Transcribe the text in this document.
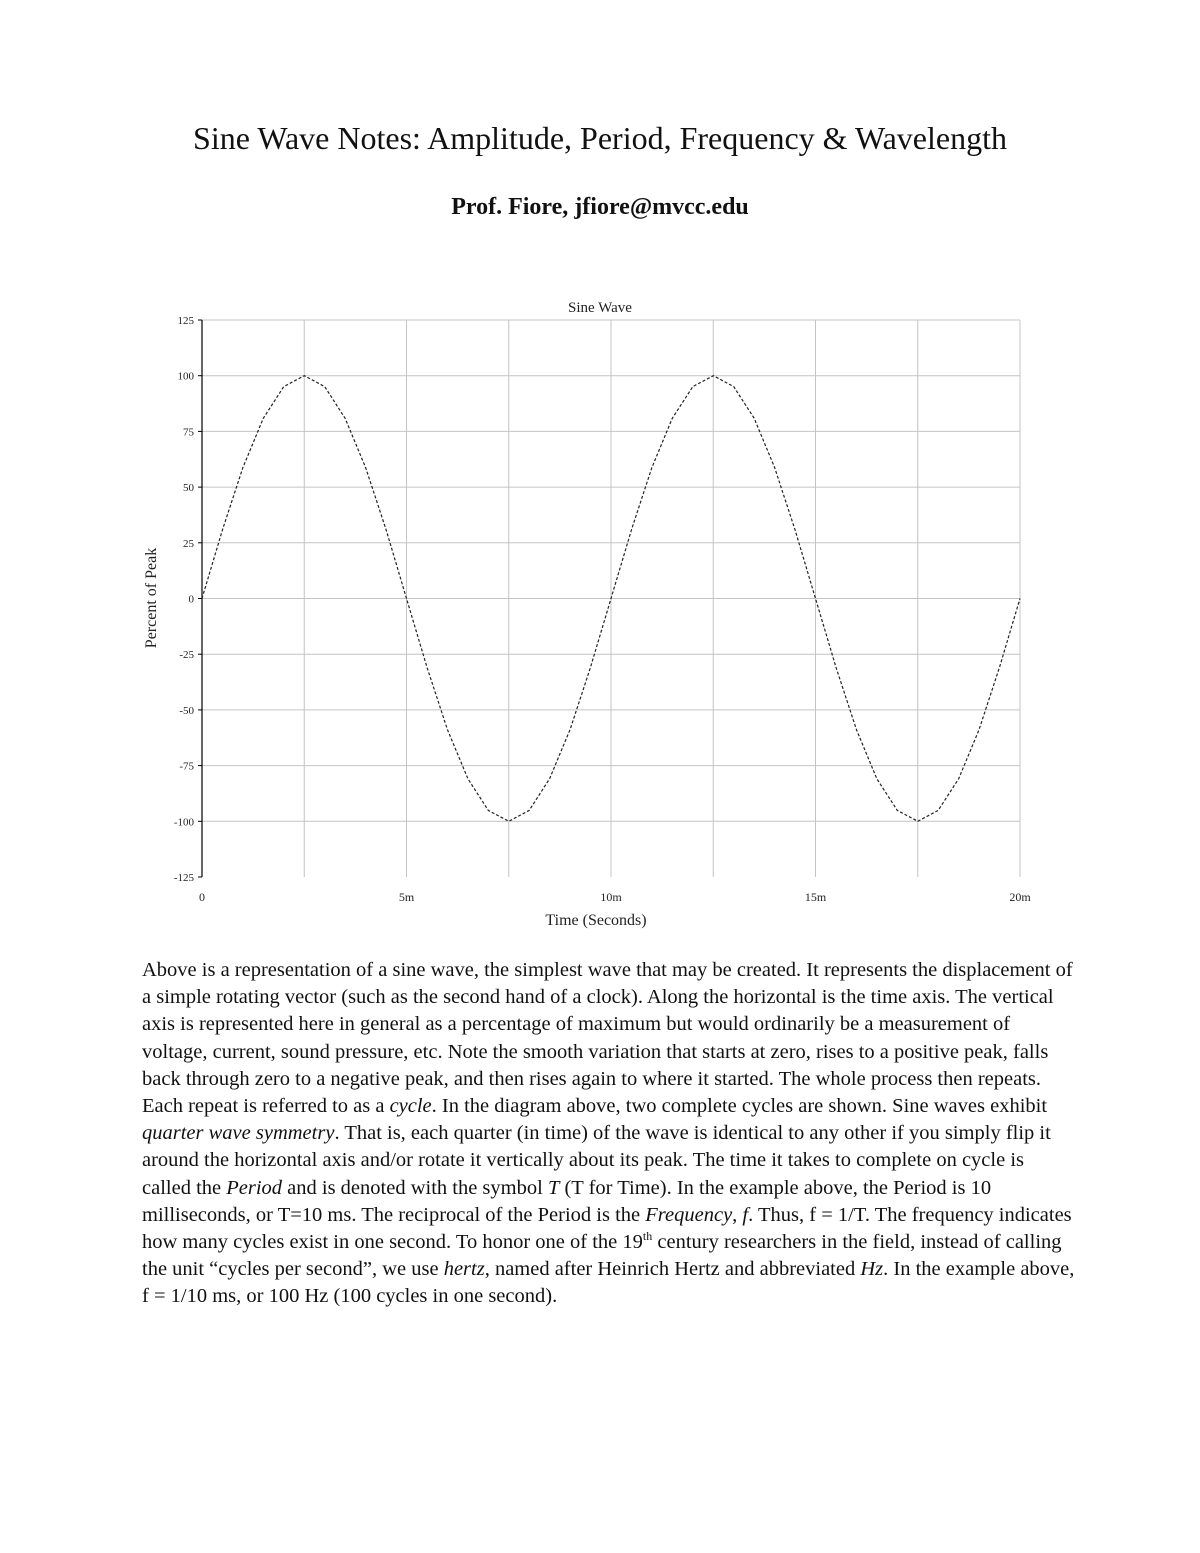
Sine Wave Notes: Amplitude, Period, Frequency & Wavelength
Prof. Fiore, jfiore@mvcc.edu
Sine Wave
125
100
75
50
25
0
-25
-50
-75
-100
-125
0	5m	10m	15m	20m
Time (Seconds)
Percent of Peak

Above is a representation of a sine wave, the simplest wave that may be created. It represents the displacement of a simple rotating vector (such as the second hand of a clock). Along the horizontal is the time axis. The vertical axis is represented here in general as a percentage of maximum but would ordinarily be a measurement of voltage, current, sound pressure, etc. Note the smooth variation that starts at zero, rises to a positive peak, falls back through zero to a negative peak, and then rises again to where it started. The whole process then repeats. Each repeat is referred to as a cycle. In the diagram above, two complete cycles are shown. Sine waves exhibit quarter wave symmetry. That is, each quarter (in time) of the wave is identical to any other if you simply flip it around the horizontal axis and/or rotate it vertically about its peak. The time it takes to complete on cycle is called the Period and is denoted with the symbol T (T for Time). In the example above, the Period is 10 milliseconds, or T=10 ms. The reciprocal of the Period is the Frequency, f. Thus, f = 1/T. The frequency indicates how many cycles exist in one second. To honor one of the 19th century researchers in the field, instead of calling the unit “cycles per second”, we use hertz, named after Heinrich Hertz and abbreviated Hz. In the example above, f = 1/10 ms, or 100 Hz (100 cycles in one second).
